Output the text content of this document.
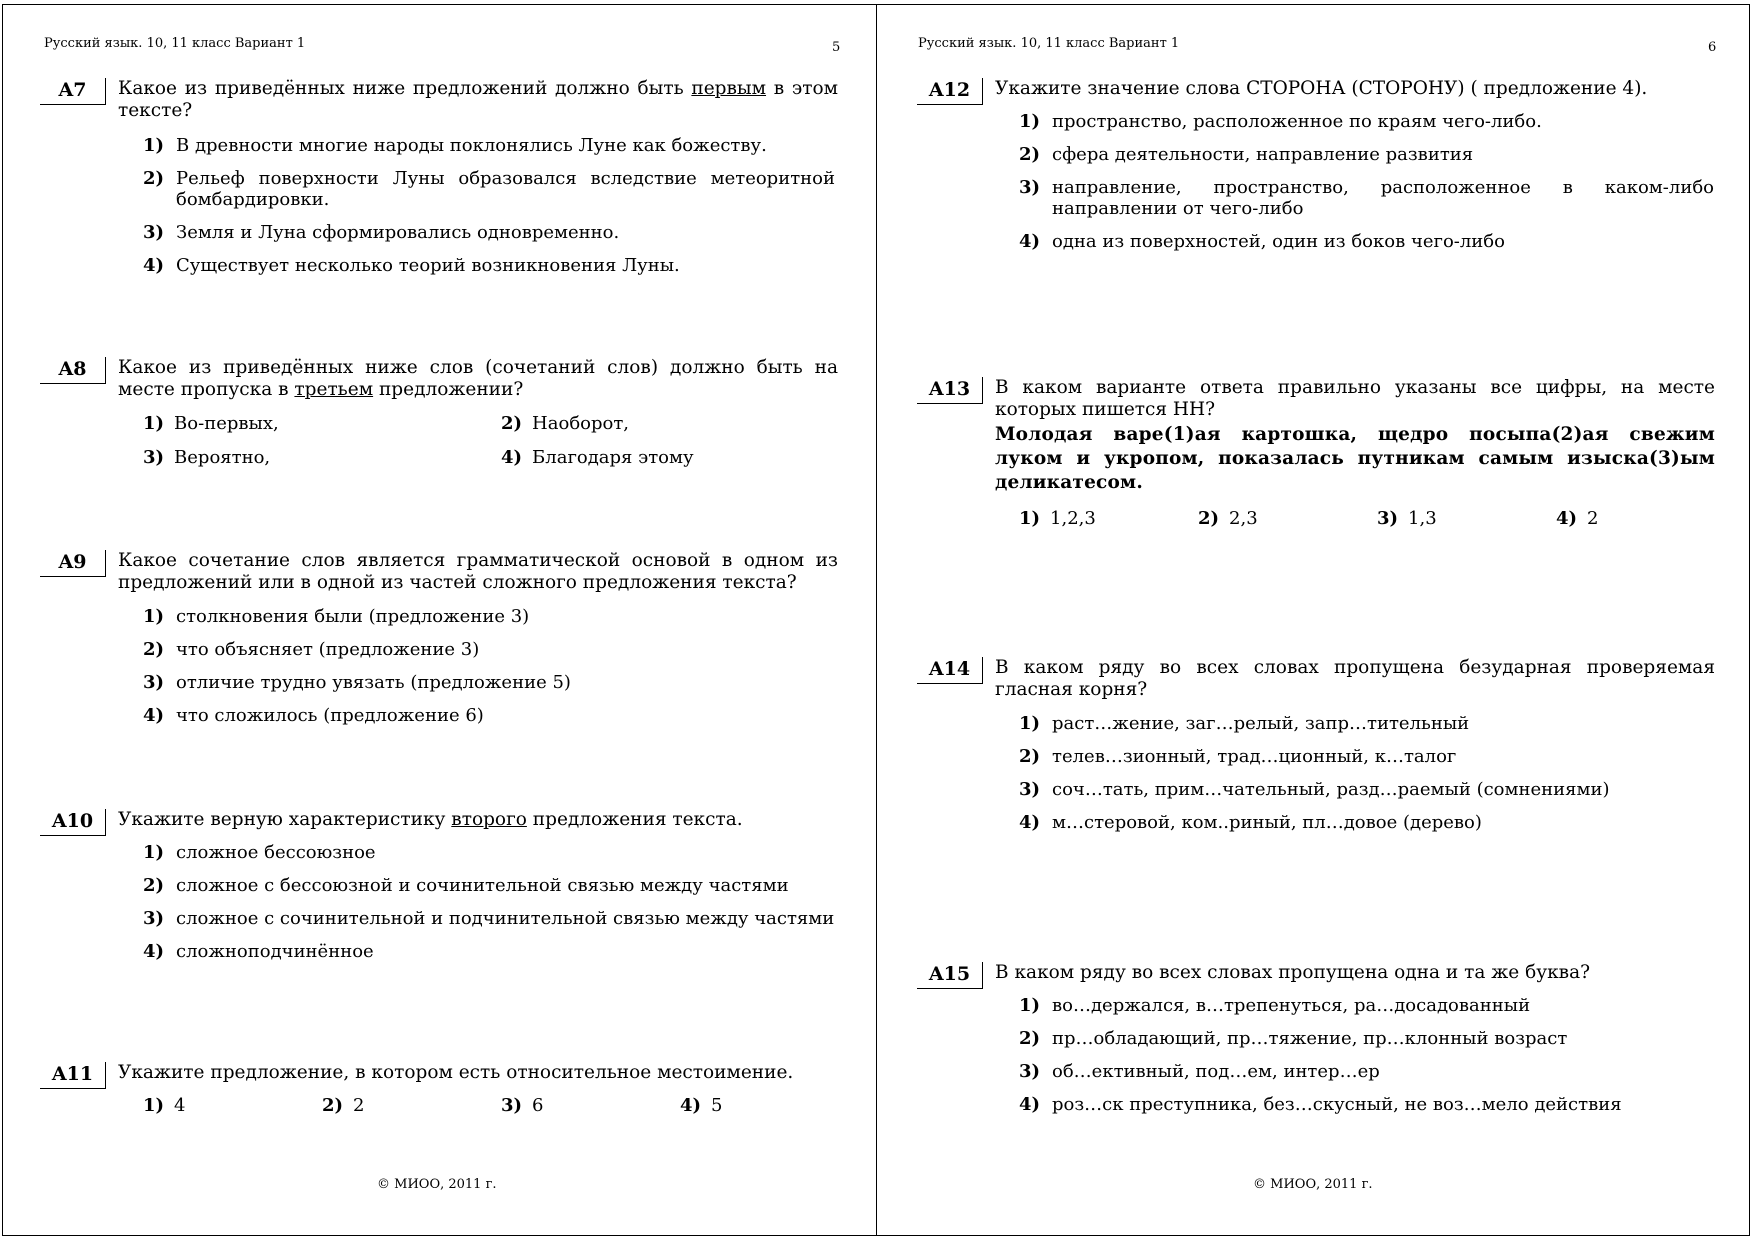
Русский язык. 10, 11 класс Вариант 1	5
A7	Какое из приведённых ниже предложений должно быть первым в этом тексте?

1) В древности многие народы поклонялись Луне как божеству.
2) Рельеф поверхности Луны образовался вследствие метеоритной бомбардировки.
3) Земля и Луна сформировались одновременно.
4) Существует несколько теорий возникновения Луны.
A8	Какое из приведённых ниже слов (сочетаний слов) должно быть на месте пропуска в третьем предложении?

1) Во-первых,	2) Наоборот,
3) Вероятно,	4) Благодаря этому
A9	Какое сочетание слов является грамматической основой в одном из предложений или в одной из частей сложного предложения текста?

1) столкновения были (предложение 3)
2) что объясняет (предложение 3)
3) отличие трудно увязать (предложение 5)
4) что сложилось (предложение 6)
A10	Укажите верную характеристику второго предложения текста.

1) сложное бессоюзное
2) сложное с бессоюзной и сочинительной связью между частями
3) сложное с сочинительной и подчинительной связью между частями
4) сложноподчинённое
A11	Укажите предложение, в котором есть относительное местоимение.

1) 4	2) 2	3) 6	4) 5
© МИОО, 2011 г.
Русский язык. 10, 11 класс Вариант 1	6
A12	Укажите значение слова СТОРОНА (СТОРОНУ) ( предложение 4).

1) пространство, расположенное по краям чего-либо.
2) сфера деятельности, направление развития
3) направление, пространство, расположенное в каком-либо направлении от чего-либо
4) одна из поверхностей, один из боков чего-либо
A13	В каком варианте ответа правильно указаны все цифры, на месте которых пишется НН?

Молодая варе(1)ая картошка, щедро посыпа(2)ая свежим луком и укропом, показалась путникам самым изыска(3)ым деликатесом.

1) 1,2,3	2) 2,3	3) 1,3	4) 2
A14	В каком ряду во всех словах пропущена безударная проверяемая гласная корня?

1) раст…жение, заг…релый, запр…тительный
2) телев…зионный, трад…ционный, к…талог
3) соч…тать, прим…чательный, разд…раемый (сомнениями)
4) м…стеровой, ком..риный, пл…довое (дерево)
A15	В каком ряду во всех словах пропущена одна и та же буква?

1) во…держался, в…трепенуться, ра…досадованный
2) пр…обладающий, пр…тяжение, пр…клонный возраст
3) об…ективный, под…ем, интер…ер
4) роз…ск преступника, без…скусный, не воз…мело действия
© МИОО, 2011 г.
